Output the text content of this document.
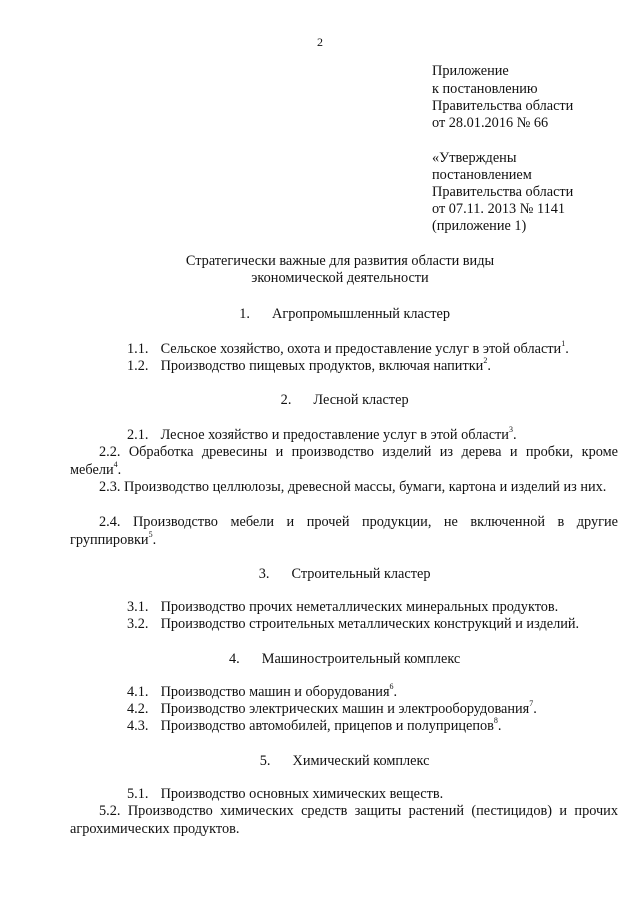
2
Приложение
к постановлению
Правительства области
от 28.01.2016 № 66
«Утверждены
постановлением
Правительства области
от 07.11. 2013 № 1141
(приложение 1)
Стратегически важные для развития области виды
экономической деятельности
1. Агропромышленный кластер
1.1. Сельское хозяйство, охота и предоставление услуг в этой области$^1$.
1.2. Производство пищевых продуктов, включая напитки$^2$.
2. Лесной кластер
2.1. Лесное хозяйство и предоставление услуг в этой области$^3$.
2.2. Обработка древесины и производство изделий из дерева и пробки, кроме мебели$^4$.
2.3. Производство целлюлозы, древесной массы, бумаги, картона и изделий из них.
2.4. Производство мебели и прочей продукции, не включенной в другие группировки$^5$.
3. Строительный кластер
3.1. Производство прочих неметаллических минеральных продуктов.
3.2. Производство строительных металлических конструкций и изделий.
4. Машиностроительный комплекс
4.1. Производство машин и оборудования$^6$.
4.2. Производство электрических машин и электрооборудования$^7$.
4.3. Производство автомобилей, прицепов и полуприцепов$^8$.
5. Химический комплекс
5.1. Производство основных химических веществ.
5.2. Производство химических средств защиты растений (пестицидов) и прочих агрохимических продуктов.
